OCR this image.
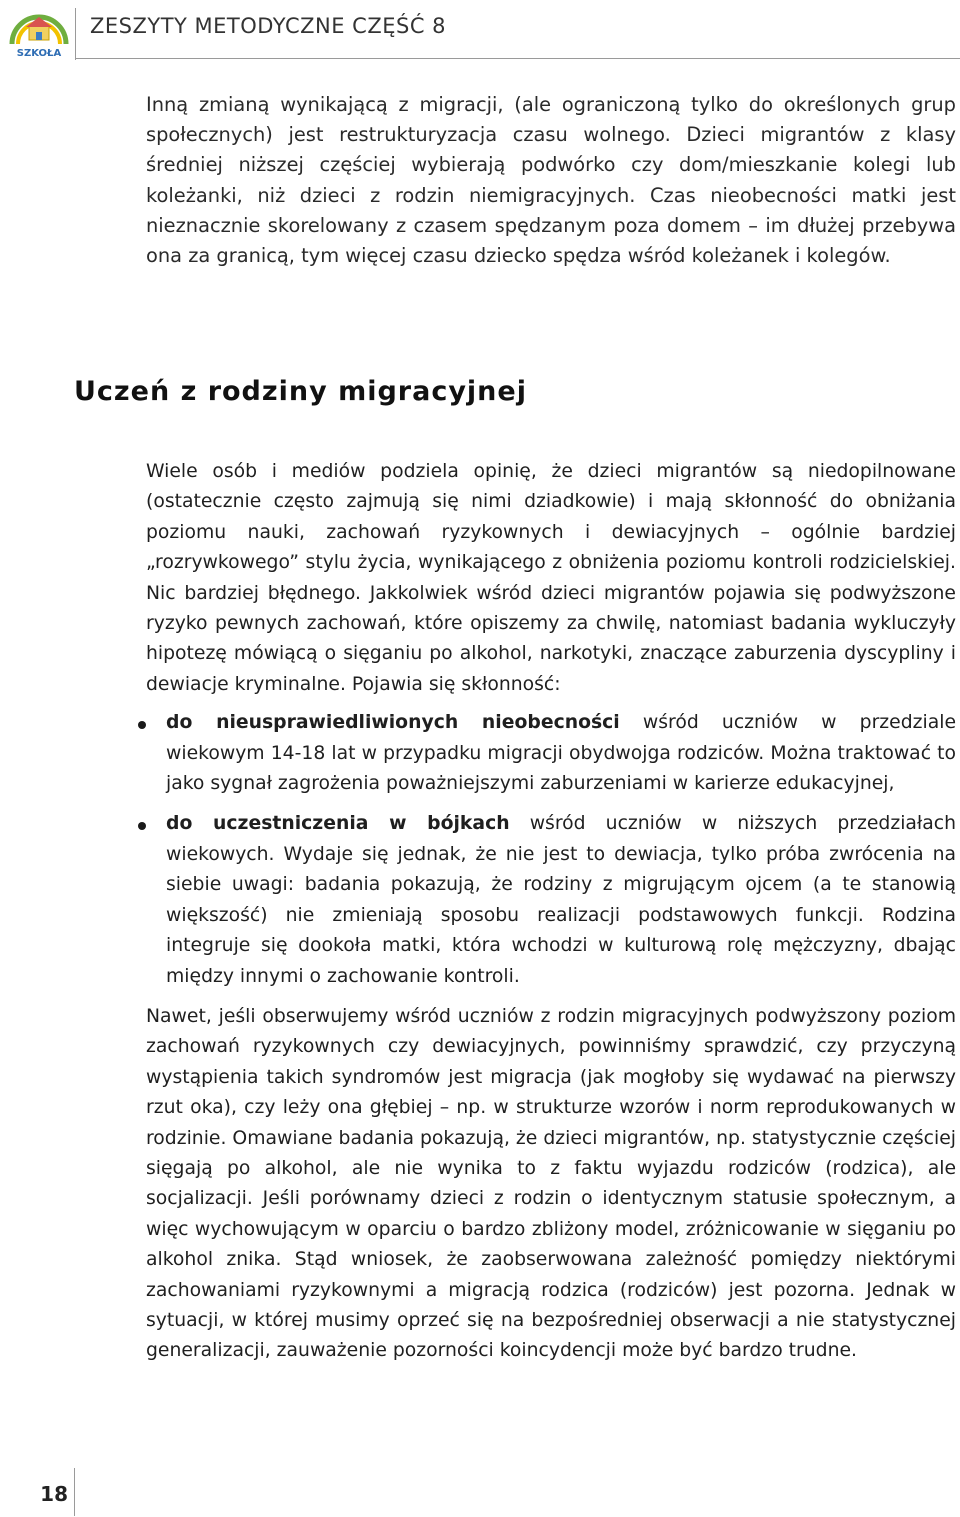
SZKOŁA
ZESZYTY METODYCZNE CZĘŚĆ 8

Inną zmianą wynikającą z migracji, (ale ograniczoną tylko do określonych grup społecznych) jest restrukturyzacja czasu wolnego. Dzieci migrantów z klasy średniej niższej częściej wybierają podwórko czy dom/mieszkanie kolegi lub koleżanki, niż dzieci z rodzin niemigracyjnych. Czas nieobecności matki jest nieznacznie skorelowany z czasem spędzanym poza domem – im dłużej przebywa ona za granicą, tym więcej czasu dziecko spędza wśród koleżanek i kolegów.

Uczeń z rodziny migracyjnej

Wiele osób i mediów podziela opinię, że dzieci migrantów są niedopilnowane (ostatecznie często zajmują się nimi dziadkowie) i mają skłonność do obniżania poziomu nauki, zachowań ryzykownych i dewiacyjnych – ogólnie bardziej „rozrywkowego” stylu życia, wynikającego z obniżenia poziomu kontroli rodzicielskiej. Nic bardziej błędnego. Jakkolwiek wśród dzieci migrantów pojawia się podwyższone ryzyko pewnych zachowań, które opiszemy za chwilę, natomiast badania wykluczyły hipotezę mówiącą o sięganiu po alkohol, narkotyki, znaczące zaburzenia dyscypliny i dewiacje kryminalne. Pojawia się skłonność:

do nieusprawiedliwionych nieobecności wśród uczniów w przedziale wiekowym 14-18 lat w przypadku migracji obydwojga rodziców. Można traktować to jako sygnał zagrożenia poważniejszymi zaburzeniami w karierze edukacyjnej,

do uczestniczenia w bójkach wśród uczniów w niższych przedziałach wiekowych. Wydaje się jednak, że nie jest to dewiacja, tylko próba zwrócenia na siebie uwagi: badania pokazują, że rodziny z migrującym ojcem (a te stanowią większość) nie zmieniają sposobu realizacji podstawowych funkcji. Rodzina integruje się dookoła matki, która wchodzi w kulturową rolę mężczyzny, dbając między innymi o zachowanie kontroli.

Nawet, jeśli obserwujemy wśród uczniów z rodzin migracyjnych podwyższony poziom zachowań ryzykownych czy dewiacyjnych, powinniśmy sprawdzić, czy przyczyną wystąpienia takich syndromów jest migracja (jak mogłoby się wydawać na pierwszy rzut oka), czy leży ona głębiej – np. w strukturze wzorów i norm reprodukowanych w rodzinie. Omawiane badania pokazują, że dzieci migrantów, np. statystycznie częściej sięgają po alkohol, ale nie wynika to z faktu wyjazdu rodziców (rodzica), ale socjalizacji. Jeśli porównamy dzieci z rodzin o identycznym statusie społecznym, a więc wychowującym w oparciu o bardzo zbliżony model, zróżnicowanie w sięganiu po alkohol znika. Stąd wniosek, że zaobserwowana zależność pomiędzy niektórymi zachowaniami ryzykownymi a migracją rodzica (rodziców) jest pozorna. Jednak w sytuacji, w której musimy oprzeć się na bezpośredniej obserwacji a nie statystycznej generalizacji, zauważenie pozorności koincydencji może być bardzo trudne.

18
